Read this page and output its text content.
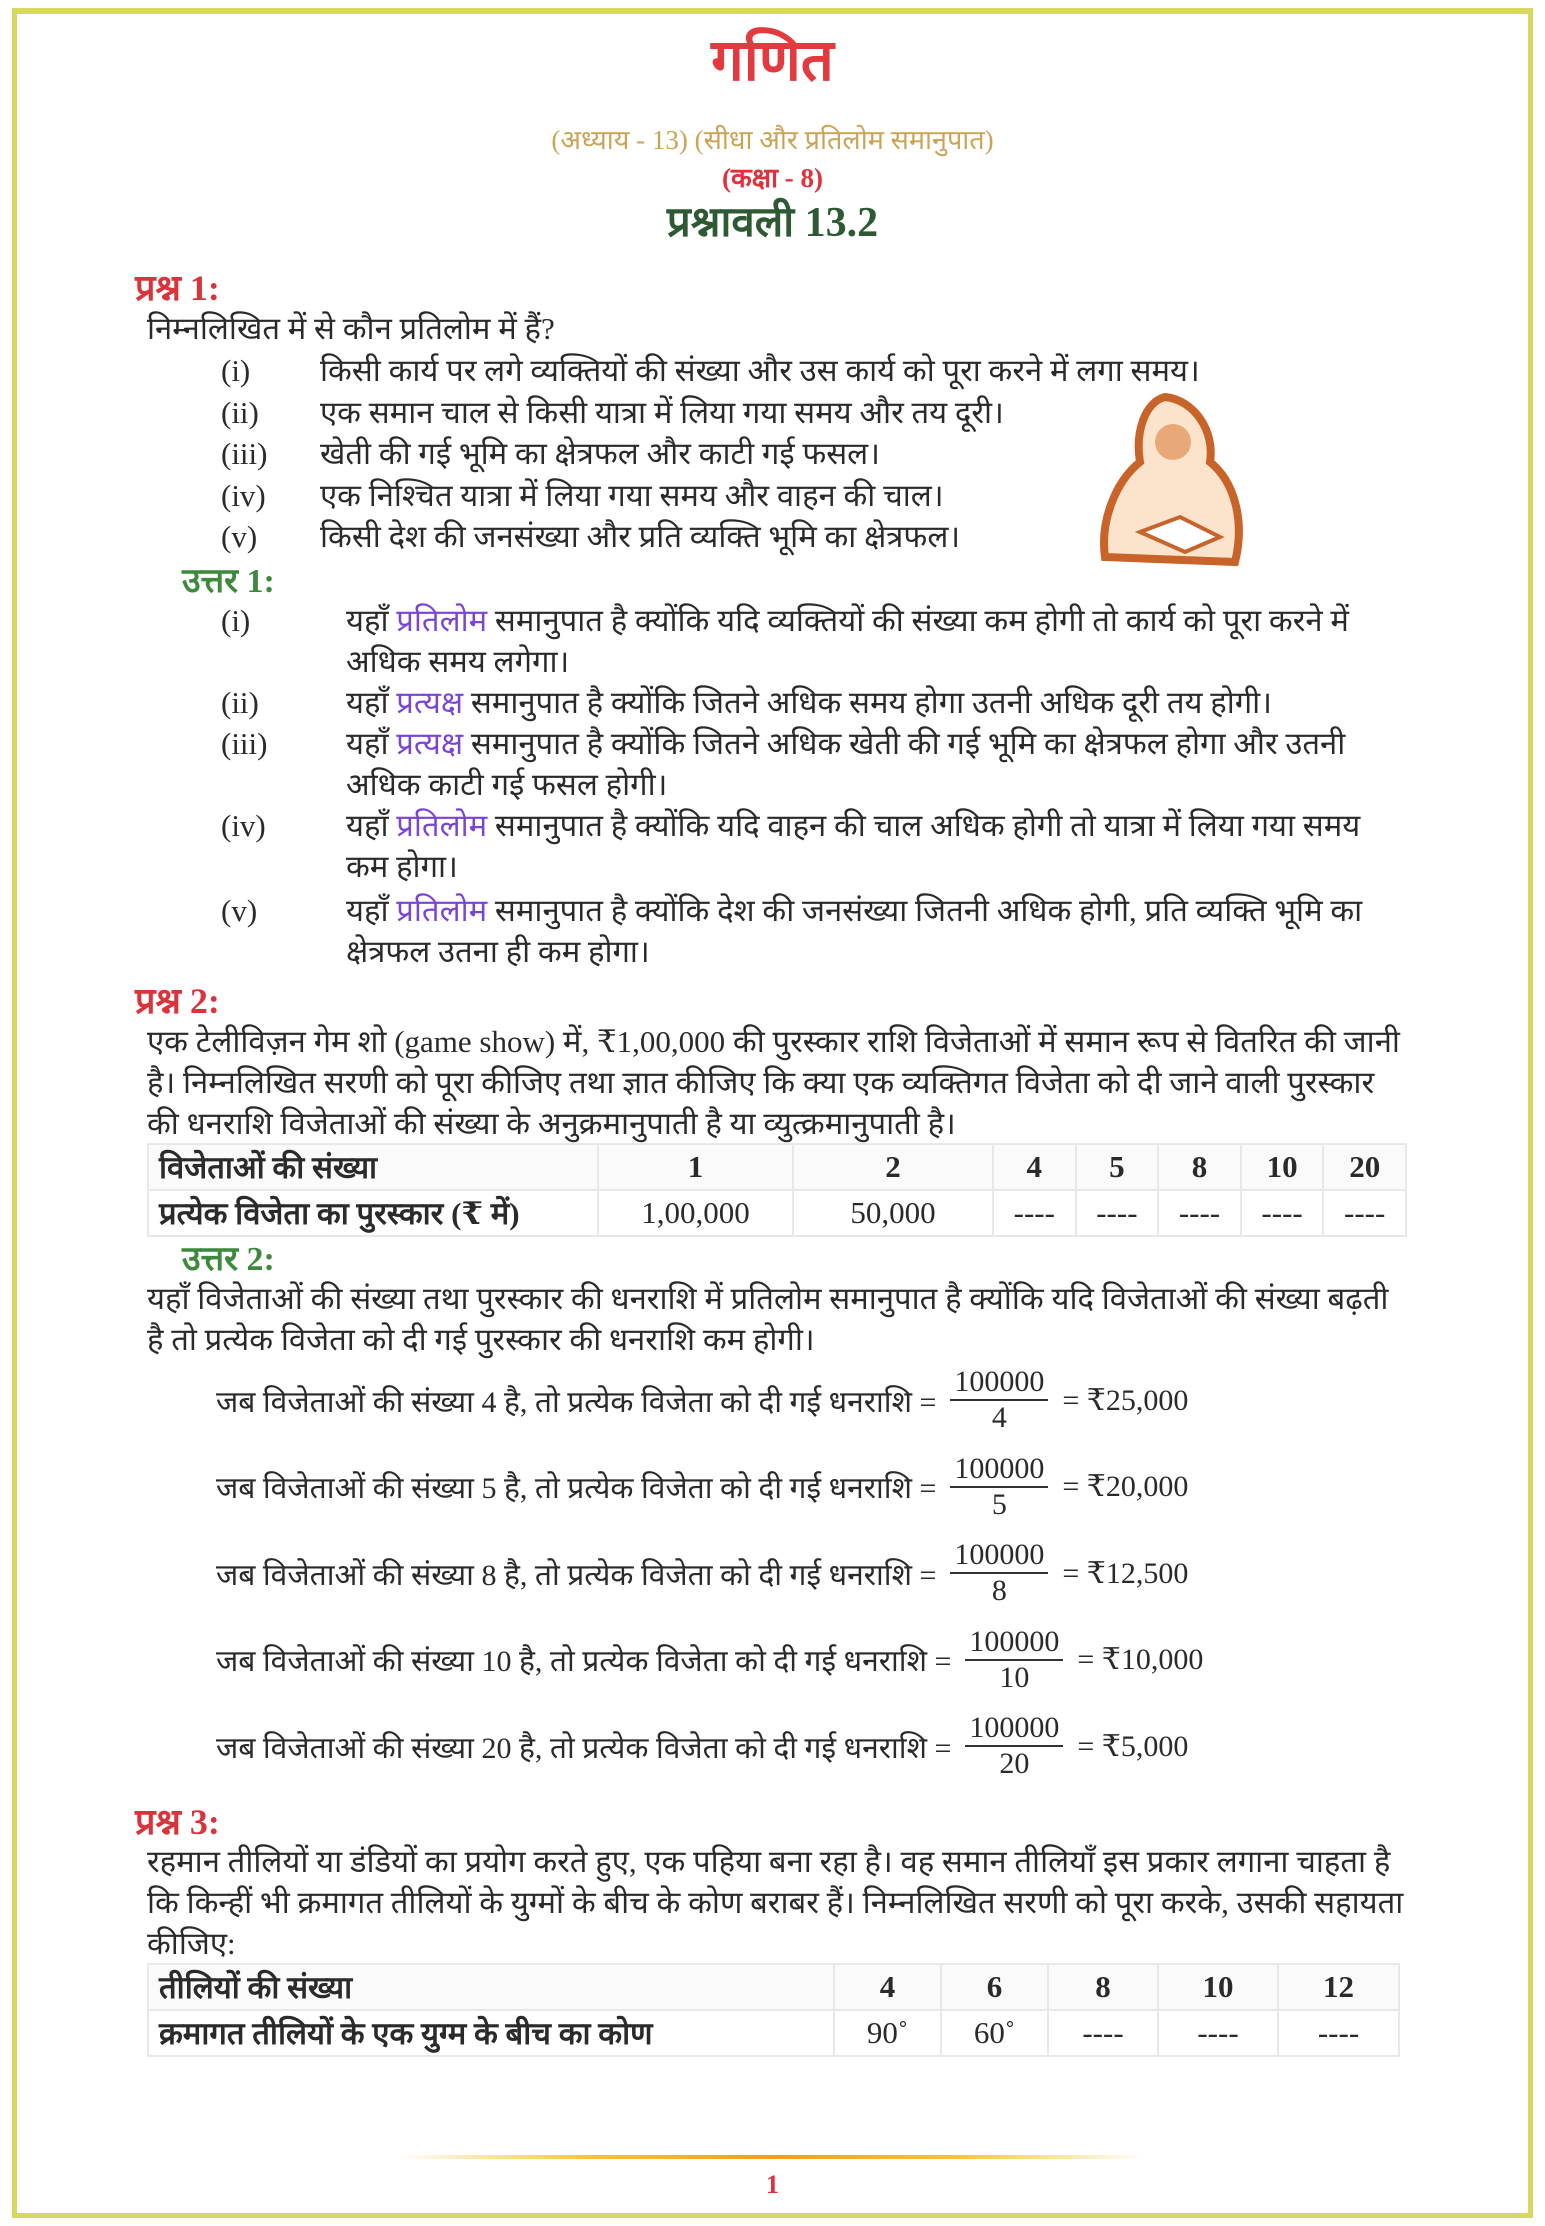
गणित
(अध्याय - 13) (सीधा और प्रतिलोम समानुपात)
(कक्षा - 8)
प्रश्नावली 13.2
प्रश्न 1:
निम्नलिखित में से कौन प्रतिलोम में हैं?
(i) किसी कार्य पर लगे व्यक्तियों की संख्या और उस कार्य को पूरा करने में लगा समय।
(ii) एक समान चाल से किसी यात्रा में लिया गया समय और तय दूरी।
(iii) खेती की गई भूमि का क्षेत्रफल और काटी गई फसल।
(iv) एक निश्चित यात्रा में लिया गया समय और वाहन की चाल।
(v) किसी देश की जनसंख्या और प्रति व्यक्ति भूमि का क्षेत्रफल।
उत्तर 1:
(i)	यहाँ प्रतिलोम समानुपात है क्योंकि यदि व्यक्तियों की संख्या कम होगी तो कार्य को पूरा करने में अधिक समय लगेगा।
(ii)	यहाँ प्रत्यक्ष समानुपात है क्योंकि जितने अधिक समय होगा उतनी अधिक दूरी तय होगी।
(iii)	यहाँ प्रत्यक्ष समानुपात है क्योंकि जितने अधिक खेती की गई भूमि का क्षेत्रफल होगा और उतनी अधिक काटी गई फसल होगी।
(iv)	यहाँ प्रतिलोम समानुपात है क्योंकि यदि वाहन की चाल अधिक होगी तो यात्रा में लिया गया समय कम होगा।
(v)	यहाँ प्रतिलोम समानुपात है क्योंकि देश की जनसंख्या जितनी अधिक होगी, प्रति व्यक्ति भूमि का क्षेत्रफल उतना ही कम होगा।
प्रश्न 2:
एक टेलीविज़न गेम शो (game show) में, ₹1,00,000 की पुरस्कार राशि विजेताओं में समान रूप से वितरित की जानी है। निम्नलिखित सरणी को पूरा कीजिए तथा ज्ञात कीजिए कि क्या एक व्यक्तिगत विजेता को दी जाने वाली पुरस्कार की धनराशि विजेताओं की संख्या के अनुक्रमानुपाती है या व्युत्क्रमानुपाती है।
विजेताओं की संख्या	1	2	4	5	8	10	20
प्रत्येक विजेता का पुरस्कार (₹ में)	1,00,000	50,000	----	----	----	----	----
उत्तर 2:
यहाँ विजेताओं की संख्या तथा पुरस्कार की धनराशि में प्रतिलोम समानुपात है क्योंकि यदि विजेताओं की संख्या बढ़ती है तो प्रत्येक विजेता को दी गई पुरस्कार की धनराशि कम होगी।
जब विजेताओं की संख्या 4 है, तो प्रत्येक विजेता को दी गई धनराशि = $\frac{100000}{4}$ = ₹25,000
जब विजेताओं की संख्या 5 है, तो प्रत्येक विजेता को दी गई धनराशि = $\frac{100000}{5}$ = ₹20,000
जब विजेताओं की संख्या 8 है, तो प्रत्येक विजेता को दी गई धनराशि = $\frac{100000}{8}$ = ₹12,500
जब विजेताओं की संख्या 10 है, तो प्रत्येक विजेता को दी गई धनराशि = $\frac{100000}{10}$ = ₹10,000
जब विजेताओं की संख्या 20 है, तो प्रत्येक विजेता को दी गई धनराशि = $\frac{100000}{20}$ = ₹5,000
प्रश्न 3:
रहमान तीलियों या डंडियों का प्रयोग करते हुए, एक पहिया बना रहा है। वह समान तीलियाँ इस प्रकार लगाना चाहता है कि किन्हीं भी क्रमागत तीलियों के युग्मों के बीच के कोण बराबर हैं। निम्नलिखित सरणी को पूरा करके, उसकी सहायता कीजिए:
तीलियों की संख्या	4	6	8	10	12
क्रमागत तीलियों के एक युग्म के बीच का कोण	90˚	60˚	----	----	----
1
